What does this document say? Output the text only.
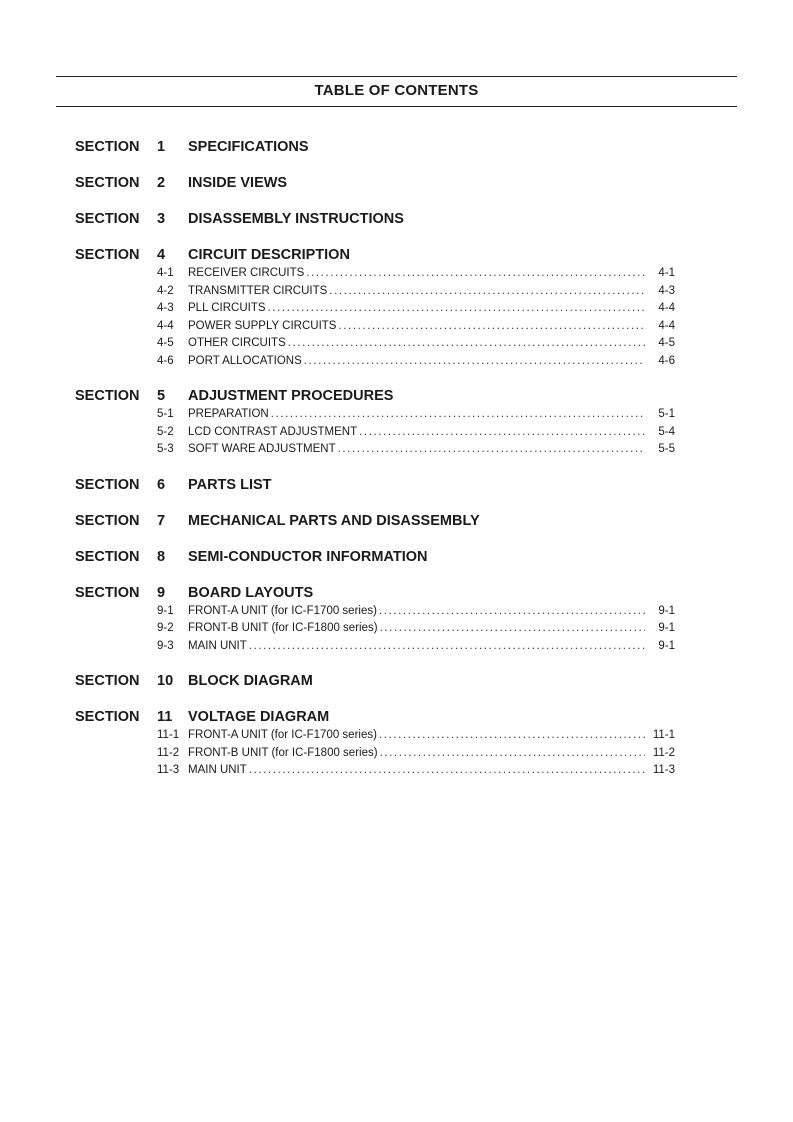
TABLE OF CONTENTS
SECTION	1	SPECIFICATIONS
SECTION	2	INSIDE VIEWS
SECTION	3	DISASSEMBLY INSTRUCTIONS
SECTION	4	CIRCUIT DESCRIPTION
4-1	RECEIVER CIRCUITS .....	4-1
4-2	TRANSMITTER CIRCUITS .....	4-3
4-3	PLL CIRCUITS .....	4-4
4-4	POWER SUPPLY CIRCUITS .....	4-4
4-5	OTHER CIRCUITS .....	4-5
4-6	PORT ALLOCATIONS .....	4-6
SECTION	5	ADJUSTMENT PROCEDURES
5-1	PREPARATION .....	5-1
5-2	LCD CONTRAST ADJUSTMENT .....	5-4
5-3	SOFT WARE ADJUSTMENT .....	5-5
SECTION	6	PARTS LIST
SECTION	7	MECHANICAL PARTS AND DISASSEMBLY
SECTION	8	SEMI-CONDUCTOR INFORMATION
SECTION	9	BOARD LAYOUTS
9-1	FRONT-A UNIT (for IC-F1700 series) .....	9-1
9-2	FRONT-B UNIT (for IC-F1800 series) .....	9-1
9-3	MAIN UNIT .....	9-1
SECTION	10	BLOCK DIAGRAM
SECTION	11	VOLTAGE DIAGRAM
11-1 FRONT-A UNIT (for IC-F1700 series) .....	11-1
11-2 FRONT-B UNIT (for IC-F1800 series) .....	11-2
11-3 MAIN UNIT .....	11-3
